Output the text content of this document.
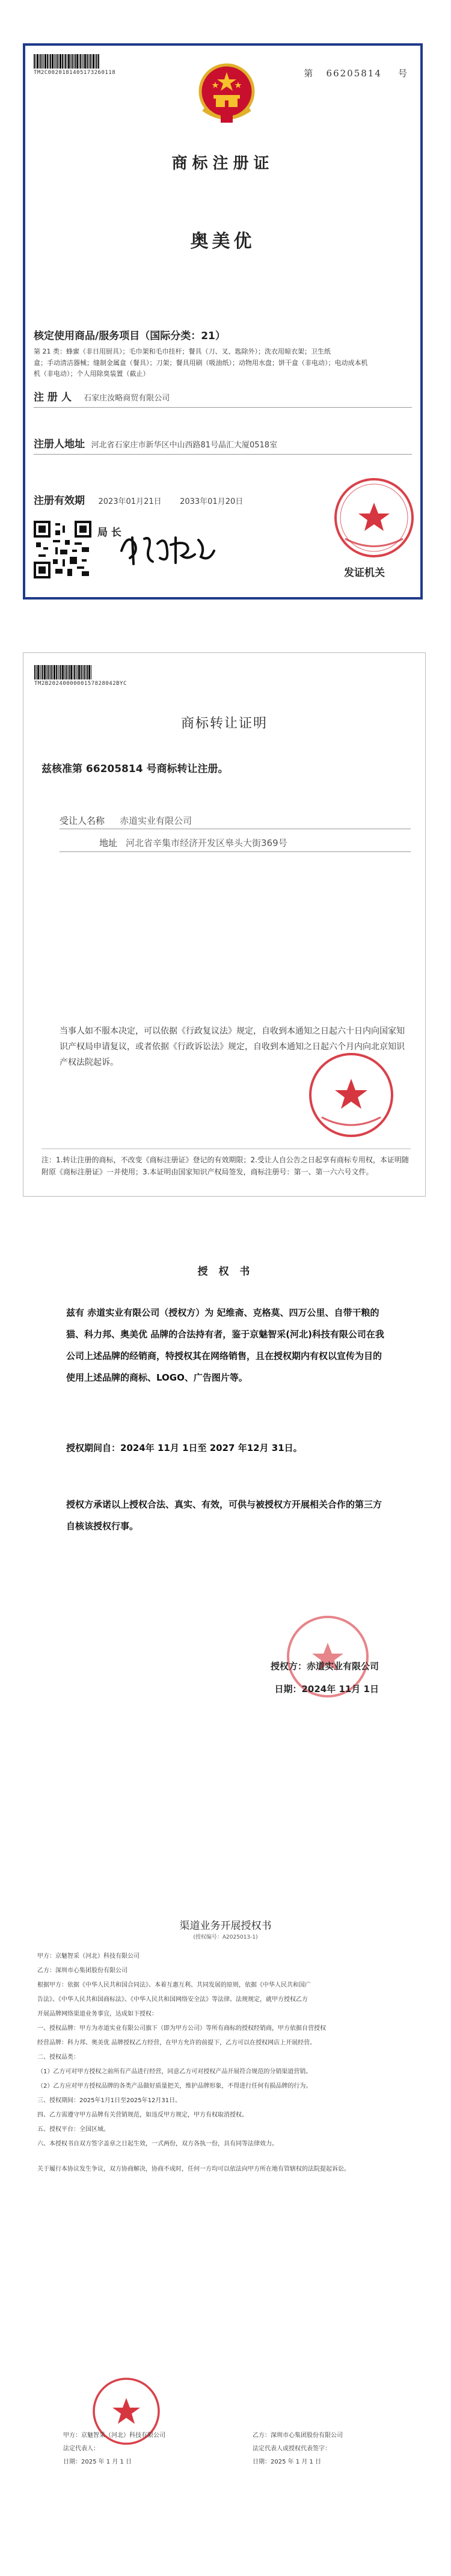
TM2C0020181405173260118	第 66205814 号
商标注册证
奥美优
核定使用商品/服务项目（国际分类：21）
第 21 类：蜂蜜（非日用厨具）；毛巾架和毛巾挂杆；餐具（刀、叉、匙除外）；洗衣用晾衣架；卫生纸
盒；手动清洁器械；缝制金属盒（餐具）；刀架；餐具用刷（吸油纸）；动物用水盘；饼干盒（非电动）；电动成本机
机（非电动）；个人用除臭装置（截止）
注 册 人 石家庄汝略商贸有限公司
注册人地址 河北省石家庄市新华区中山西路81号晶汇大厦0518室
注册有效期 2023年01月21日 2033年01月20日
局 长
发证机关
TM2B2024000000157828042BYC
商标转让证明
兹核准第 66205814 号商标转让注册。
受让人名称 赤道实业有限公司
地址 河北省辛集市经济开发区皋头大街369号
当事人如不服本决定，可以依据《行政复议法》规定，自收到本通知之日起六十日内向国家知识产权局申请复议，或者依据《行政诉讼法》规定，自收到本通知之日起六个月内向北京知识产权法院起诉。
注：1.转让注册的商标，不改变《商标注册证》登记的有效期限；2.受让人自公告之日起享有商标专用权，本证明随附原《商标注册证》一并使用；3.本证明由国家知识产权局签发，商标注册号：第一、第一六六号文件。
授 权 书
兹有 赤道实业有限公司（授权方）为 妃维斋、克格莫、四万公里、自带干粮的猫、科力邦、奥美优 品牌的合法持有者，鉴于京魅智采(河北)科技有限公司在我公司上述品牌的经销商，特授权其在网络销售，且在授权期内有权以宣传为目的使用上述品牌的商标、LOGO、广告图片等。
授权期间自：2024年 11月 1日至 2027 年12月 31日。
授权方承诺以上授权合法、真实、有效，可供与被授权方开展相关合作的第三方自核该授权行事。
授权方：赤道实业有限公司
日期：2024年 11月 1日
渠道业务开展授权书
(授权编号：A2025013-1)
甲方：京魅智采（河北）科技有限公司
乙方：深圳市心集团股份有限公司
根据甲方：依据《中华人民共和国合同法》、本着互惠互利、共同发展的原则，依据《中华人民共和国广
告法》、《中华人民共和国商标法》、《中华人民共和国网络安全法》等法律、法规规定，就甲方授权乙方
开展品牌网络渠道业务事宜，达成如下授权：
一、授权品牌：甲方为赤道实业有限公司旗下（即为甲方公司）等所有商标的授权经销商，甲方依据自营授权
经营品牌：科力邦、奥美优 品牌授权乙方经营，在甲方允许的前提下，乙方可以在授权网店上开展经营。
二、授权品类：
（1）乙方可对甲方授权之前所有产品进行经营，同意乙方可对授权产品开展符合规范的分销渠道营销。
（2）乙方应对甲方授权品牌的各类产品做好质量把关，维护品牌形象，不得进行任何有损品牌的行为。
三、授权期间：2025年1月1日至2025年12月31日。
四、乙方需遵守甲方品牌有关营销规范，如违反甲方规定，甲方有权取消授权。
五、授权平台：全国区域。
六、本授权书自双方签字盖章之日起生效，一式两份，双方各执一份，具有同等法律效力。
关于履行本协议发生争议，双方协商解决，协商不成时，任何一方均可以依法向甲方所在地有管辖权的法院提起诉讼。
甲方：京魅智采（河北）科技有限公司
法定代表人：
日期：2025 年 1 月 1 日
乙方：深圳市心集团股份有限公司
法定代表人或授权代表签字：
日期：2025 年 1 月 1 日
